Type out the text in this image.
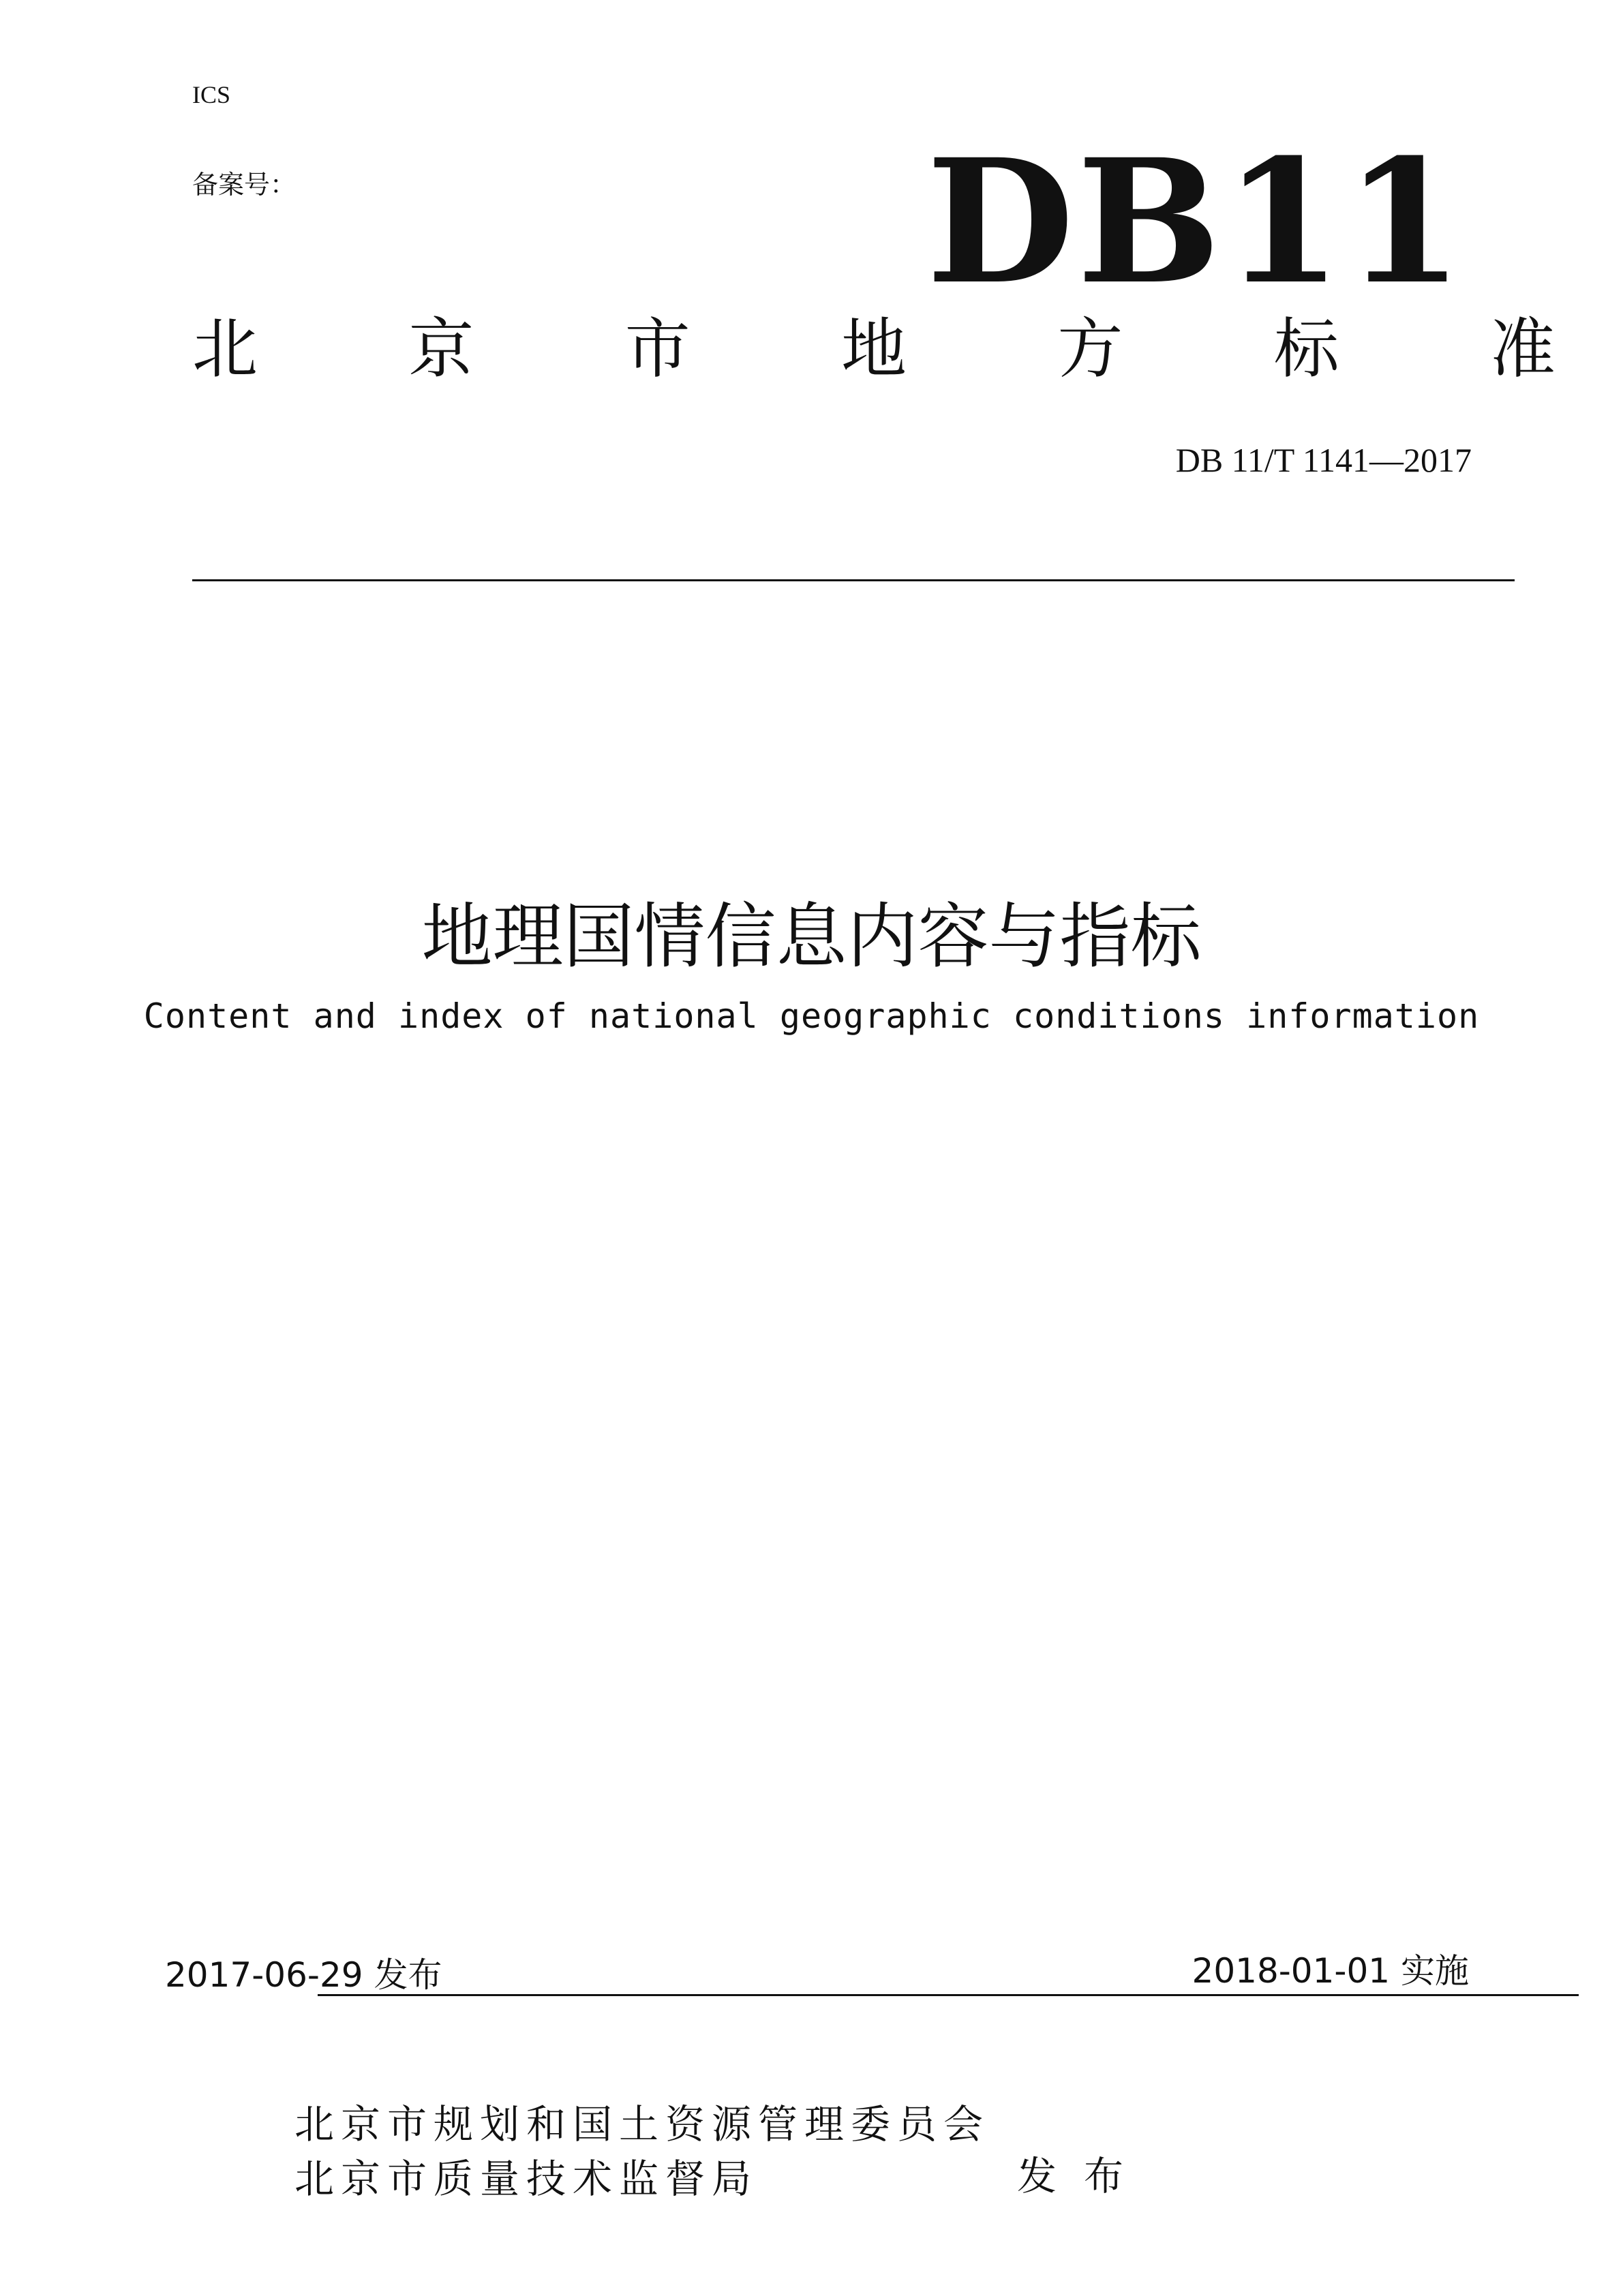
ICS

备案号：	DB11

北 京 市 地 方 标 准

DB 11/T 1141—2017

地理国情信息内容与指标

Content and index of national geographic conditions information

2017-06-29 发布	2018-01-01 实施

北京市规划和国土资源管理委员会

北京市质量技术监督局	发布
